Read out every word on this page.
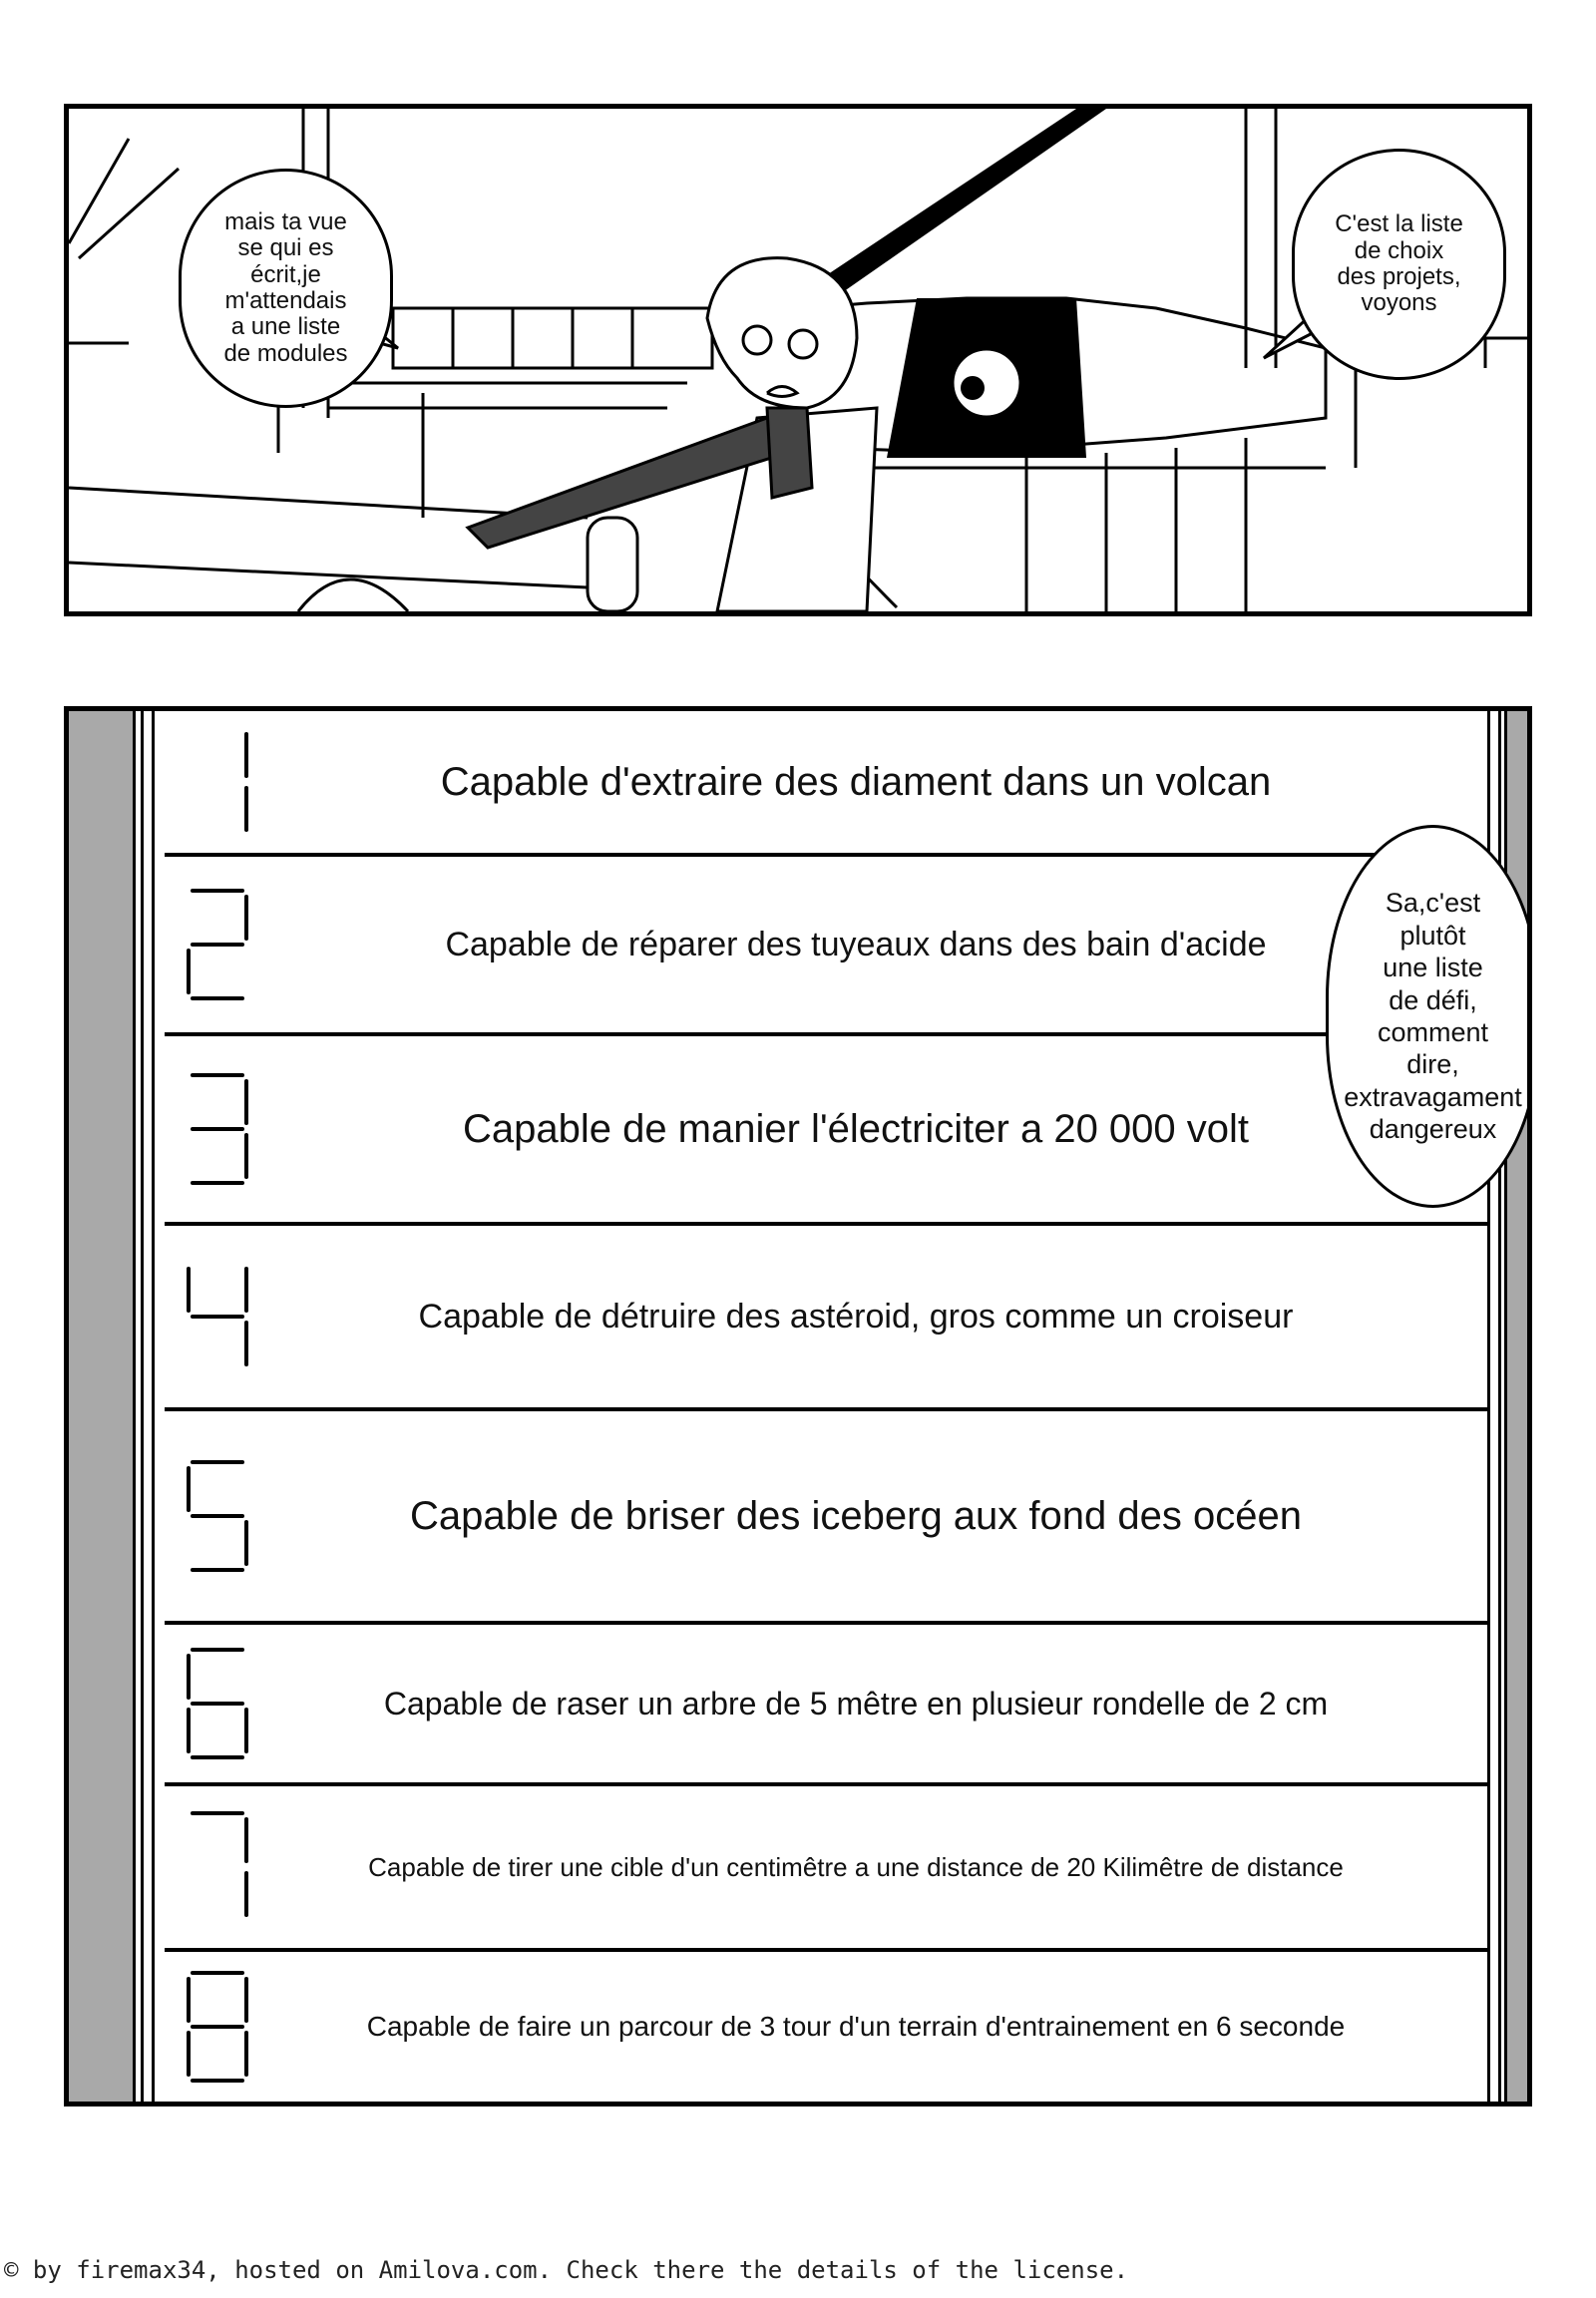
mais ta vue
se qui es
écrit,je
m'attendais
a une liste
de modules
C'est la liste
de choix
des projets,
voyons
Capable d'extraire des diament dans un volcan
Capable de réparer des tuyeaux dans des bain d'acide
Capable de manier l'électriciter a 20 000 volt
Capable de détruire des astéroid, gros comme un croiseur
Capable de briser des iceberg aux fond des océen
Capable de raser un arbre de 5 mêtre en plusieur rondelle de 2 cm
Capable de tirer une cible d'un centimêtre a une distance de 20 Kilimêtre de distance
Capable de faire un parcour de 3 tour d'un terrain d'entrainement en 6 seconde
Sa,c'est
plutôt
une liste
de défi,
comment
dire,
extravagament
dangereux
© by firemax34, hosted on Amilova.com. Check there the details of the license.
